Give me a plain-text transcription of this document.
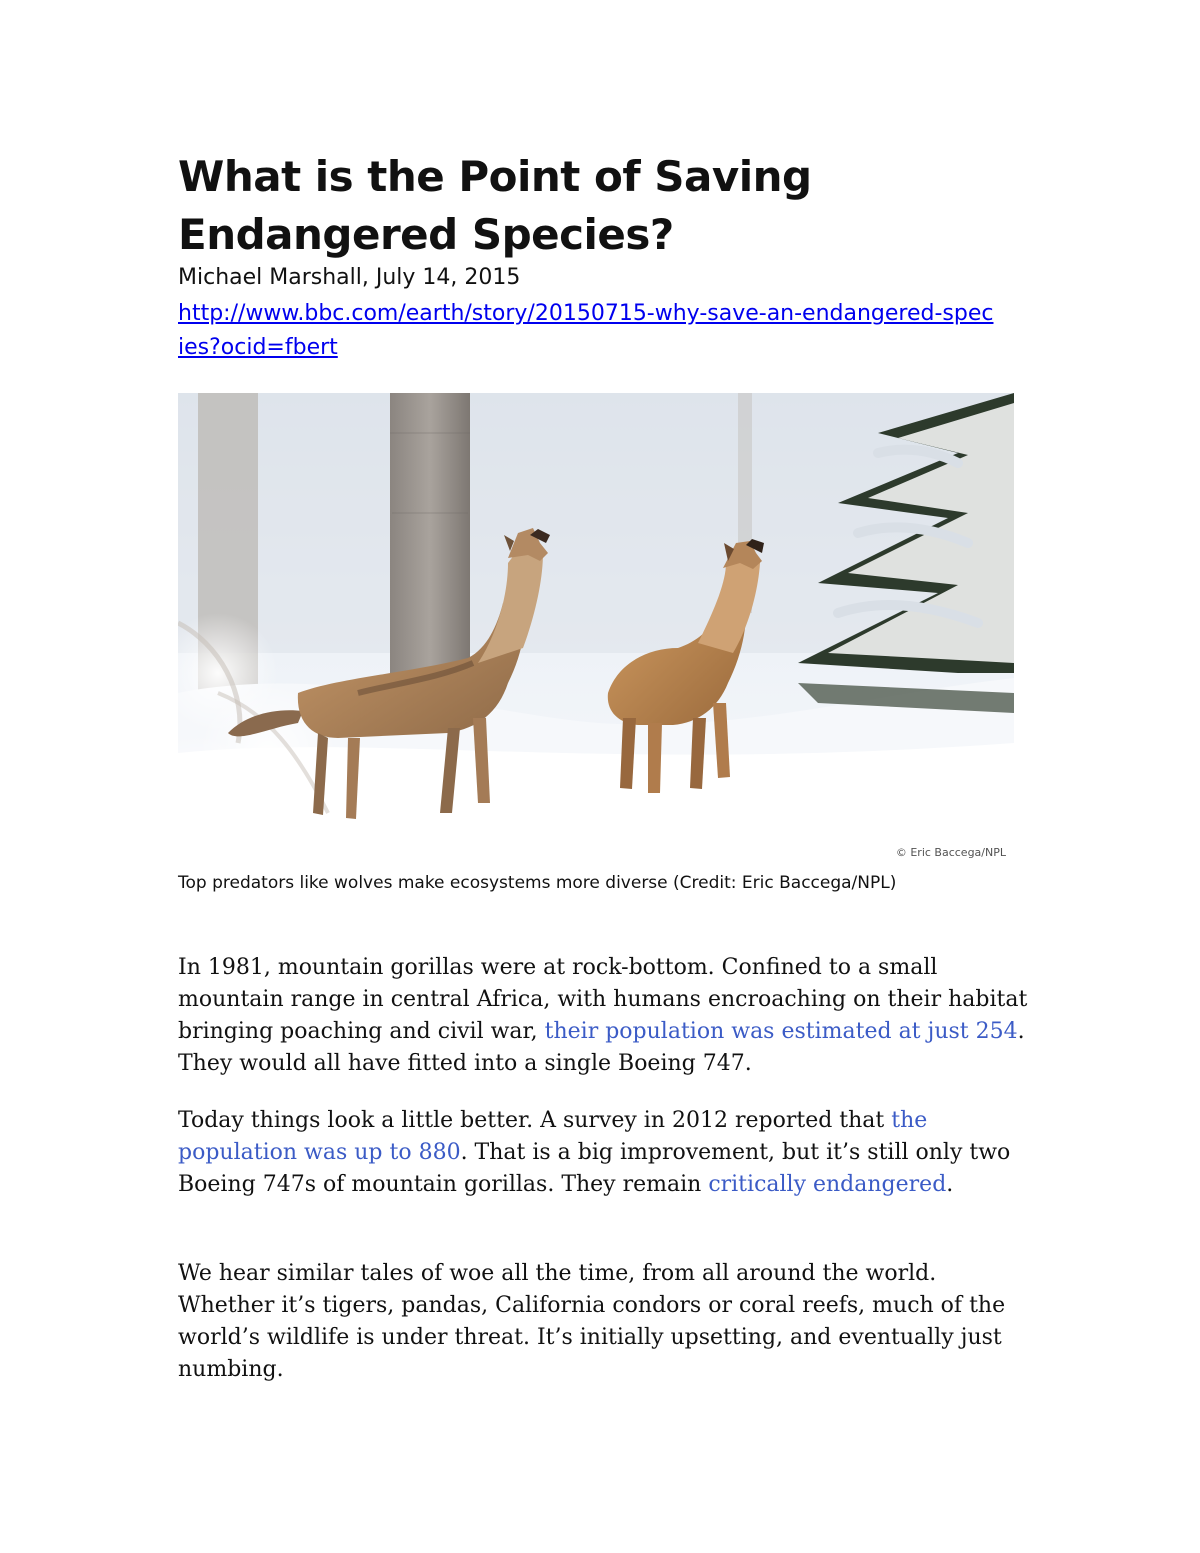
What is the Point of Saving Endangered Species?

Michael Marshall, July 14, 2015

http://www.bbc.com/earth/story/20150715-why-save-an-endangered-species?ocid=fbert
© Eric Baccega/NPL

Top predators like wolves make ecosystems more diverse (Credit: Eric Baccega/NPL)

In 1981, mountain gorillas were at rock-bottom. Confined to a small mountain range in central Africa, with humans encroaching on their habitat bringing poaching and civil war, their population was estimated at just 254. They would all have fitted into a single Boeing 747.

Today things look a little better. A survey in 2012 reported that the population was up to 880. That is a big improvement, but it’s still only two Boeing 747s of mountain gorillas. They remain critically endangered.

We hear similar tales of woe all the time, from all around the world. Whether it’s tigers, pandas, California condors or coral reefs, much of the world’s wildlife is under threat. It’s initially upsetting, and eventually just numbing.
